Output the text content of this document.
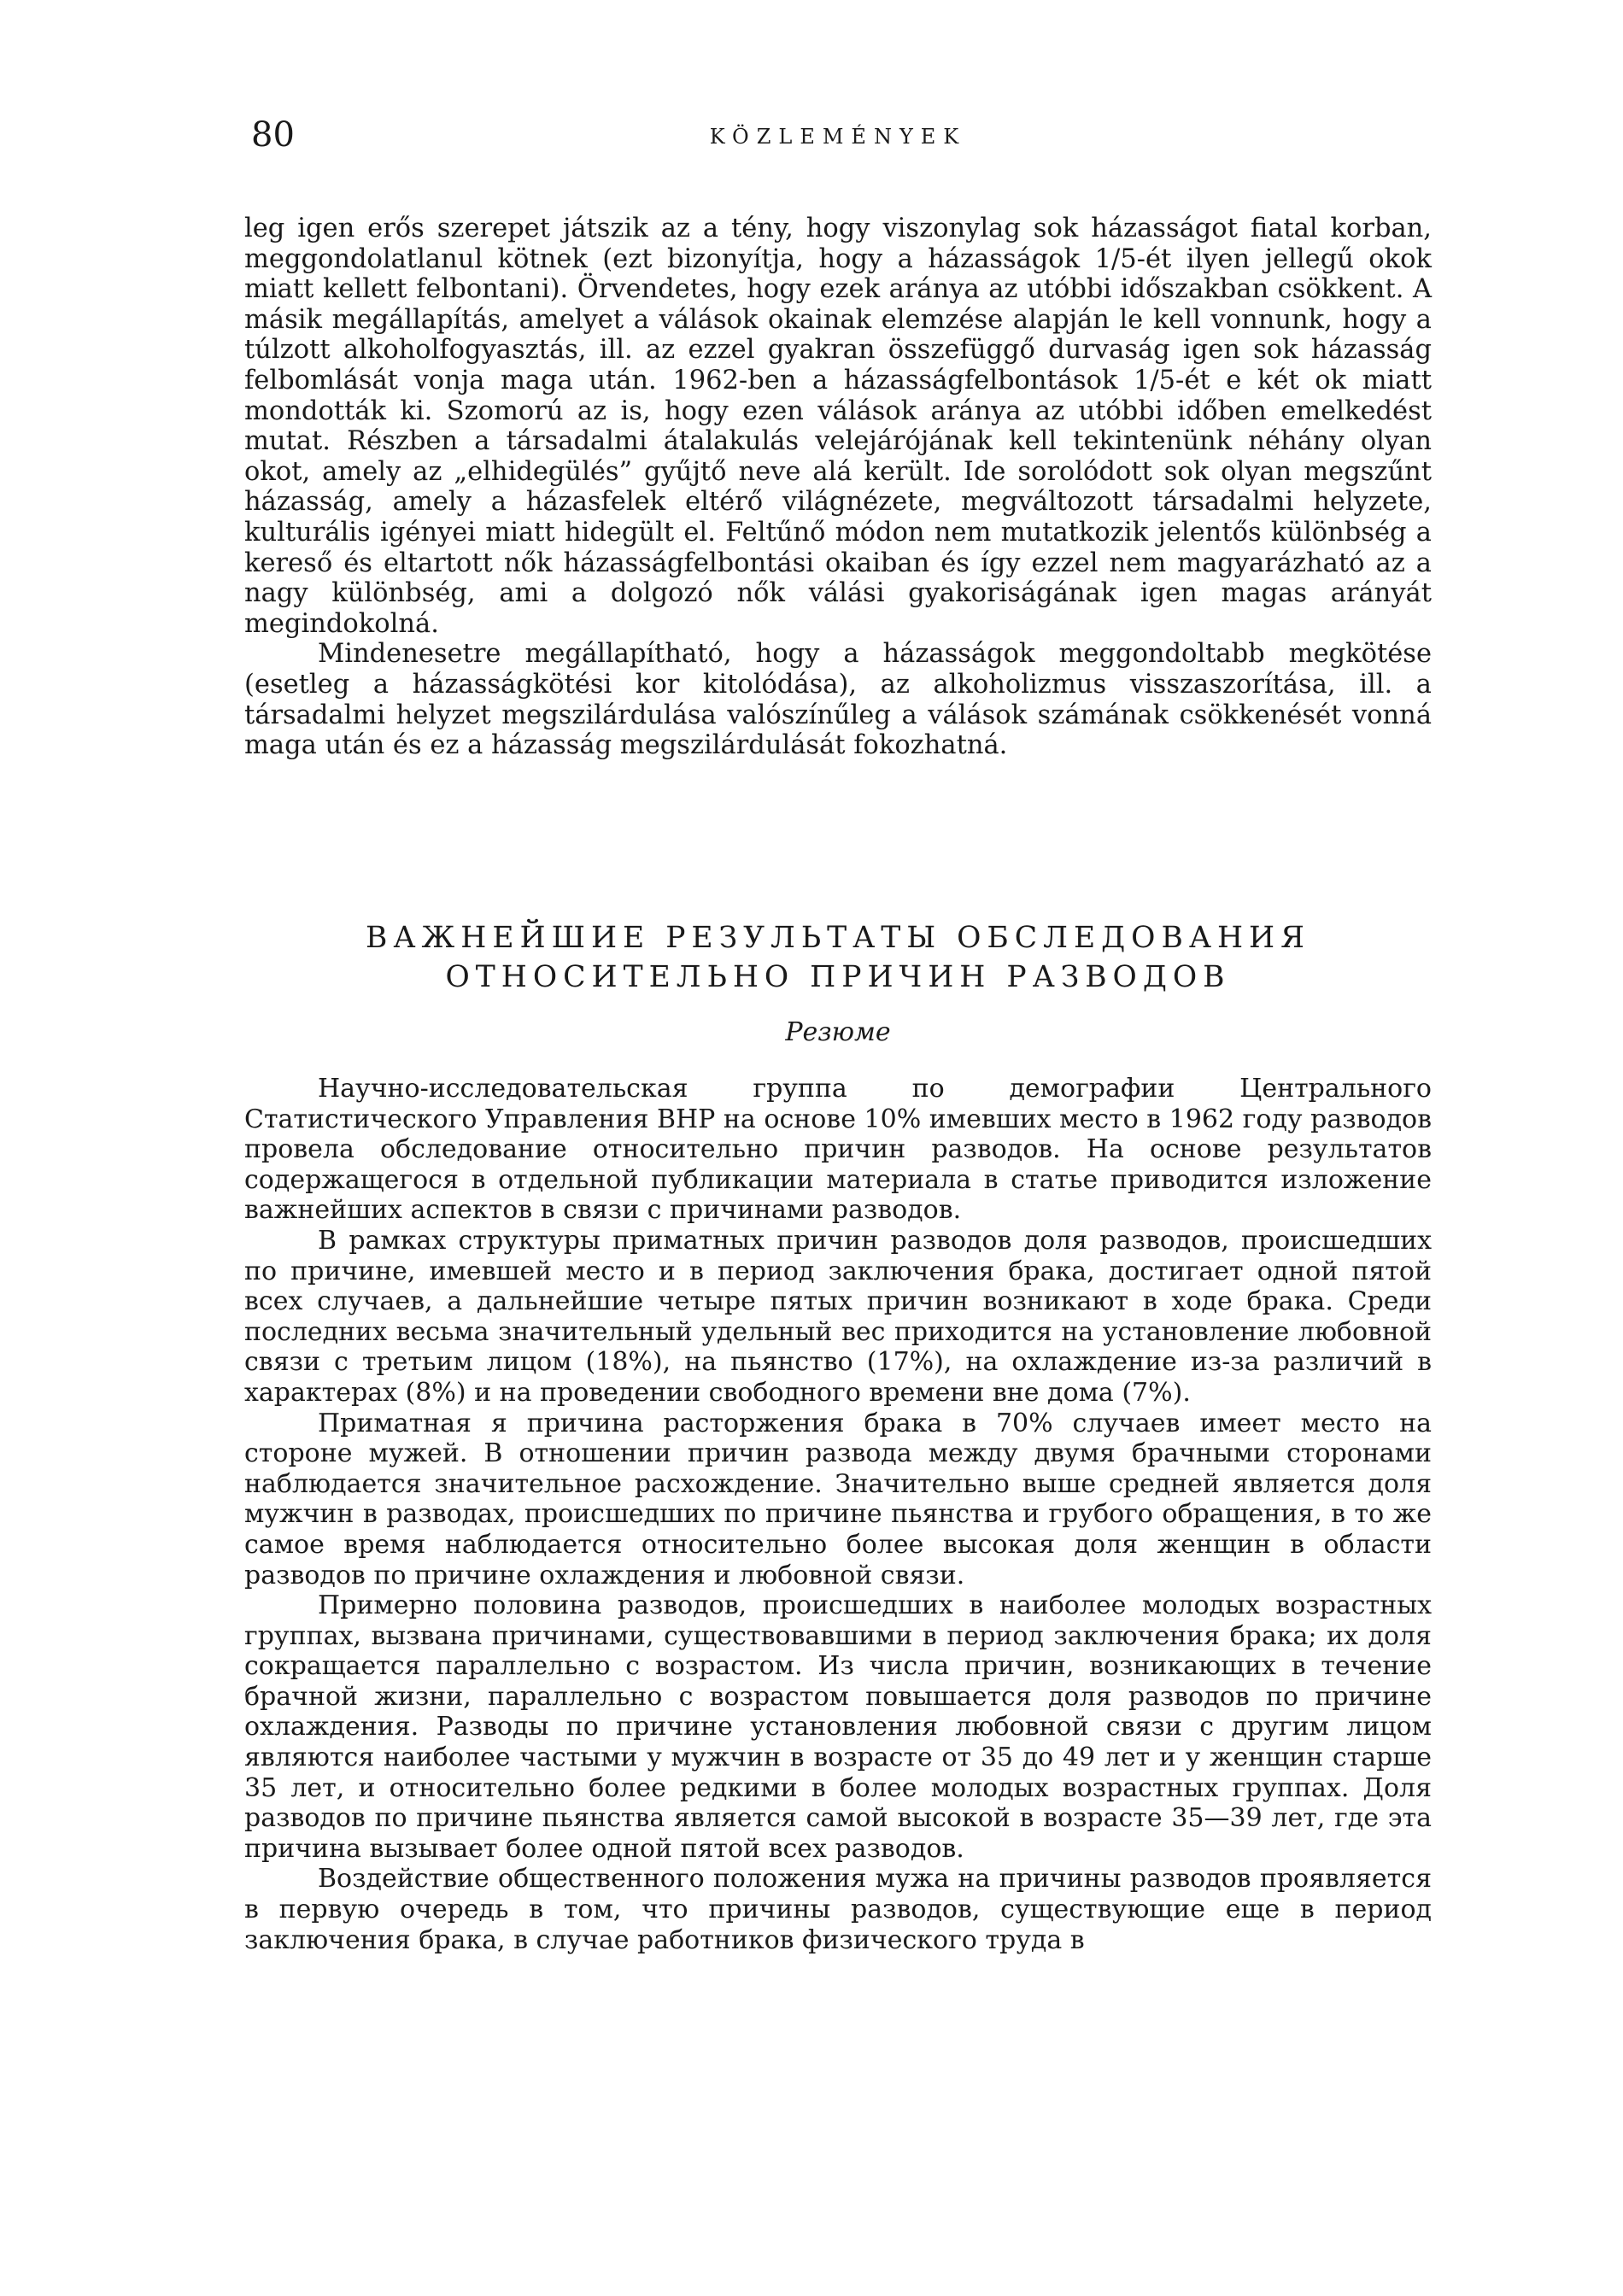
80	KÖZLEMÉNYEK

leg igen erős szerepet játszik az a tény, hogy viszonylag sok házasságot fiatal korban, meggondolatlanul kötnek (ezt bizonyítja, hogy a házasságok 1/5-ét ilyen jellegű okok miatt kellett felbontani). Örvendetes, hogy ezek aránya az utóbbi időszakban csökkent. A másik megállapítás, amelyet a válások okainak elemzése alapján le kell vonnunk, hogy a túlzott alkoholfogyasztás, ill. az ezzel gyakran összefüggő durvaság igen sok házasság felbomlását vonja maga után. 1962-ben a házasságfelbontások 1/5-ét e két ok miatt mondották ki. Szomorú az is, hogy ezen válások aránya az utóbbi időben emelkedést mutat. Részben a társadalmi átalakulás velejárójának kell tekintenünk néhány olyan okot, amely az „elhidegülés” gyűjtő neve alá került. Ide sorolódott sok olyan megszűnt házasság, amely a házasfelek eltérő világnézete, megváltozott társadalmi helyzete, kulturális igényei miatt hidegült el. Feltűnő módon nem mutatkozik jelentős különbség a kereső és eltartott nők házasságfelbontási okaiban és így ezzel nem magyarázható az a nagy különbség, ami a dolgozó nők válási gyakoriságának igen magas arányát megindokolná.

Mindenesetre megállapítható, hogy a házasságok meggondoltabb megkötése (esetleg a házasságkötési kor kitolódása), az alkoholizmus visszaszorítása, ill. a társadalmi helyzet megszilárdulása valószínűleg a válások számának csökkenését vonná maga után és ez a házasság megszilárdulását fokozhatná.

ВАЖНЕЙШИЕ РЕЗУЛЬТАТЫ ОБСЛЕДОВАНИЯ
ОТНОСИТЕЛЬНО ПРИЧИН РАЗВОДОВ
Резюме

Научно-исследовательская группа по демографии Центрального Статистического Управления ВНР на основе 10% имевших место в 1962 году разводов провела обследование относительно причин разводов. На основе результатов содержащегося в отдельной публикации материала в статье приводится изложение важнейших аспектов в связи с причинами разводов.

В рамках структуры приматных причин разводов доля разводов, происшедших по причине, имевшей место и в период заключения брака, достигает одной пятой всех случаев, а дальнейшие четыре пятых причин возникают в ходе брака. Среди последних весьма значительный удельный вес приходится на установление любовной связи с третьим лицом (18%), на пьянство (17%), на охлаждение из-за различий в характерах (8%) и на проведении свободного времени вне дома (7%).

Приматная я причина расторжения брака в 70% случаев имеет место на стороне мужей. В отношении причин развода между двумя брачными сторонами наблюдается значительное расхождение. Значительно выше средней является доля мужчин в разводах, происшедших по причине пьянства и грубого обращения, в то же самое время наблюдается относительно более высокая доля женщин в области разводов по причине охлаждения и любовной связи.

Примерно половина разводов, происшедших в наиболее молодых возрастных группах, вызвана причинами, существовавшими в период заключения брака; их доля сокращается параллельно с возрастом. Из числа причин, возникающих в течение брачной жизни, параллельно с возрастом повышается доля разводов по причине охлаждения. Разводы по причине установления любовной связи с другим лицом являются наиболее частыми у мужчин в возрасте от 35 до 49 лет и у женщин старше 35 лет, и относительно более редкими в более молодых возрастных группах. Доля разводов по причине пьянства является самой высокой в возрасте 35—39 лет, где эта причина вызывает более одной пятой всех разводов.

Воздействие общественного положения мужа на причины разводов проявляется в первую очередь в том, что причины разводов, существующие еще в период заключения брака, в случае работников физического труда в
